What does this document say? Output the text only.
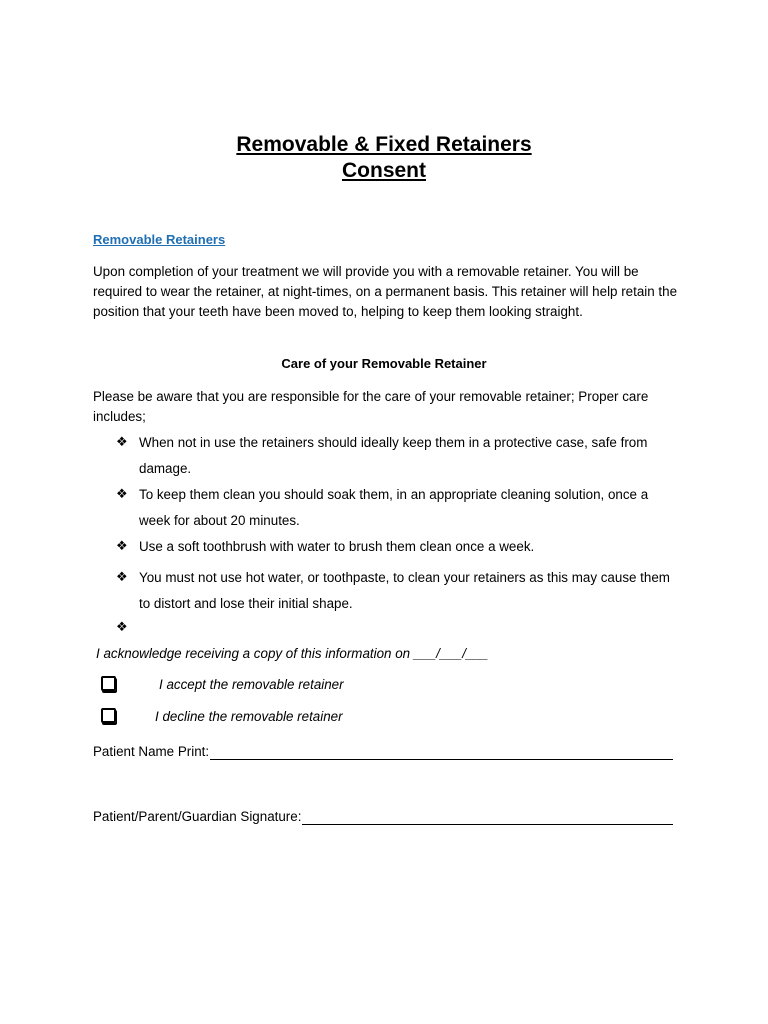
Removable & Fixed Retainers
Consent
Removable Retainers
Upon completion of your treatment we will provide you with a removable retainer. You will be required to wear the retainer, at night-times, on a permanent basis. This retainer will help retain the position that your teeth have been moved to, helping to keep them looking straight.
Care of your Removable Retainer
Please be aware that you are responsible for the care of your removable retainer; Proper care includes;
❖ When not in use the retainers should ideally keep them in a protective case, safe from damage.
❖ To keep them clean you should soak them, in an appropriate cleaning solution, once a week for about 20 minutes.
❖ Use a soft toothbrush with water to brush them clean once a week.
❖ You must not use hot water, or toothpaste, to clean your retainers as this may cause them to distort and lose their initial shape.
❖
I acknowledge receiving a copy of this information on ___/___/___
I accept the removable retainer
I decline the removable retainer
Patient Name Print:
Patient/Parent/Guardian Signature:
